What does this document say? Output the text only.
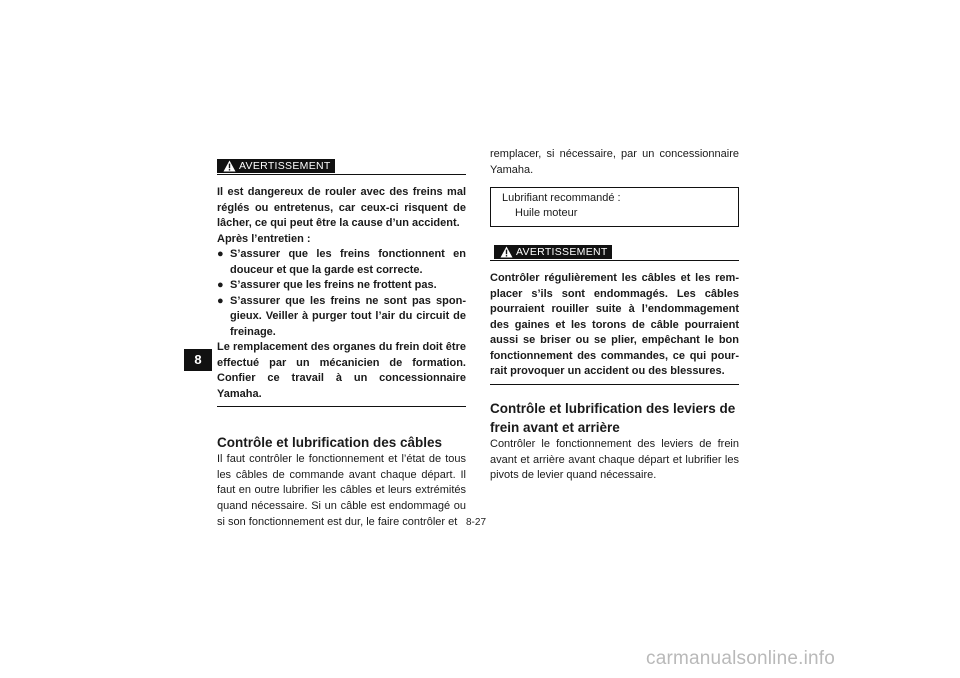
8
AVERTISSEMENT

Il est dangereux de rouler avec des freins mal réglés ou entretenus, car ceux-ci risquent de lâcher, ce qui peut être la cause d’un accident.

Après l’entretien :

● S’assurer que les freins fonctionnent en douceur et que la garde est correcte.

● S’assurer que les freins ne frottent pas.

● S’assurer que les freins ne sont pas spon-gieux. Veiller à purger tout l’air du circuit de freinage.

Le remplacement des organes du frein doit être effectué par un mécanicien de formation. Confier ce travail à un concessionnaire Yamaha.

Contrôle et lubrification des câbles

Il faut contrôler le fonctionnement et l’état de tous les câbles de commande avant chaque départ. Il faut en outre lubrifier les câbles et leurs extrémités quand nécessaire. Si un câble est endommagé ou si son fonctionnement est dur, le faire contrôler et

remplacer, si nécessaire, par un concessionnaire Yamaha.

Lubrifiant recommandé :
Huile moteur
AVERTISSEMENT

Contrôler régulièrement les câbles et les rem-placer s’ils sont endommagés. Les câbles pourraient rouiller suite à l’endommagement des gaines et les torons de câble pourraient aussi se briser ou se plier, empêchant le bon fonctionnement des commandes, ce qui pour-rait provoquer un accident ou des blessures.

Contrôle et lubrification des leviers de frein avant et arrière

Contrôler le fonctionnement des leviers de frein avant et arrière avant chaque départ et lubrifier les pivots de levier quand nécessaire.

8-27
carmanualsonline.info
